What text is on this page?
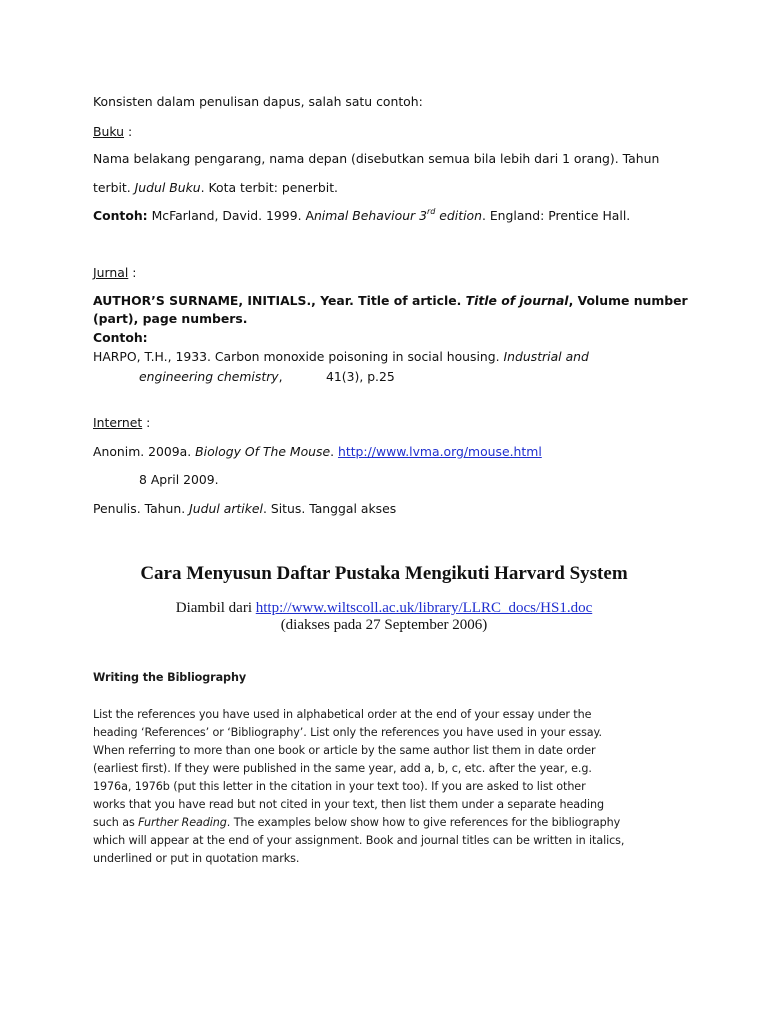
Konsisten dalam penulisan dapus, salah satu contoh:
Buku :
Nama belakang pengarang, nama depan (disebutkan semua bila lebih dari 1 orang). Tahun
terbit. Judul Buku. Kota terbit: penerbit.
Contoh: McFarland, David. 1999. Animal Behaviour 3rd edition. England: Prentice Hall.
Jurnal :
AUTHOR’S SURNAME, INITIALS., Year. Title of article. Title of journal, Volume number
(part), page numbers.
Contoh:
HARPO, T.H., 1933. Carbon monoxide poisoning in social housing. Industrial and
engineering chemistry,	41(3), p.25
Internet :
Anonim. 2009a. Biology Of The Mouse. http://www.lvma.org/mouse.html
8 April 2009.
Penulis. Tahun. Judul artikel. Situs. Tanggal akses
Cara Menyusun Daftar Pustaka Mengikuti Harvard System
Diambil dari http://www.wiltscoll.ac.uk/library/LLRC_docs/HS1.doc
(diakses pada 27 September 2006)
Writing the Bibliography
List the references you have used in alphabetical order at the end of your essay under the
heading ‘References’ or ‘Bibliography’. List only the references you have used in your essay.
When referring to more than one book or article by the same author list them in date order
(earliest first). If they were published in the same year, add a, b, c, etc. after the year, e.g.
1976a, 1976b (put this letter in the citation in your text too). If you are asked to list other
works that you have read but not cited in your text, then list them under a separate heading
such as Further Reading. The examples below show how to give references for the bibliography
which will appear at the end of your assignment. Book and journal titles can be written in italics,
underlined or put in quotation marks.
